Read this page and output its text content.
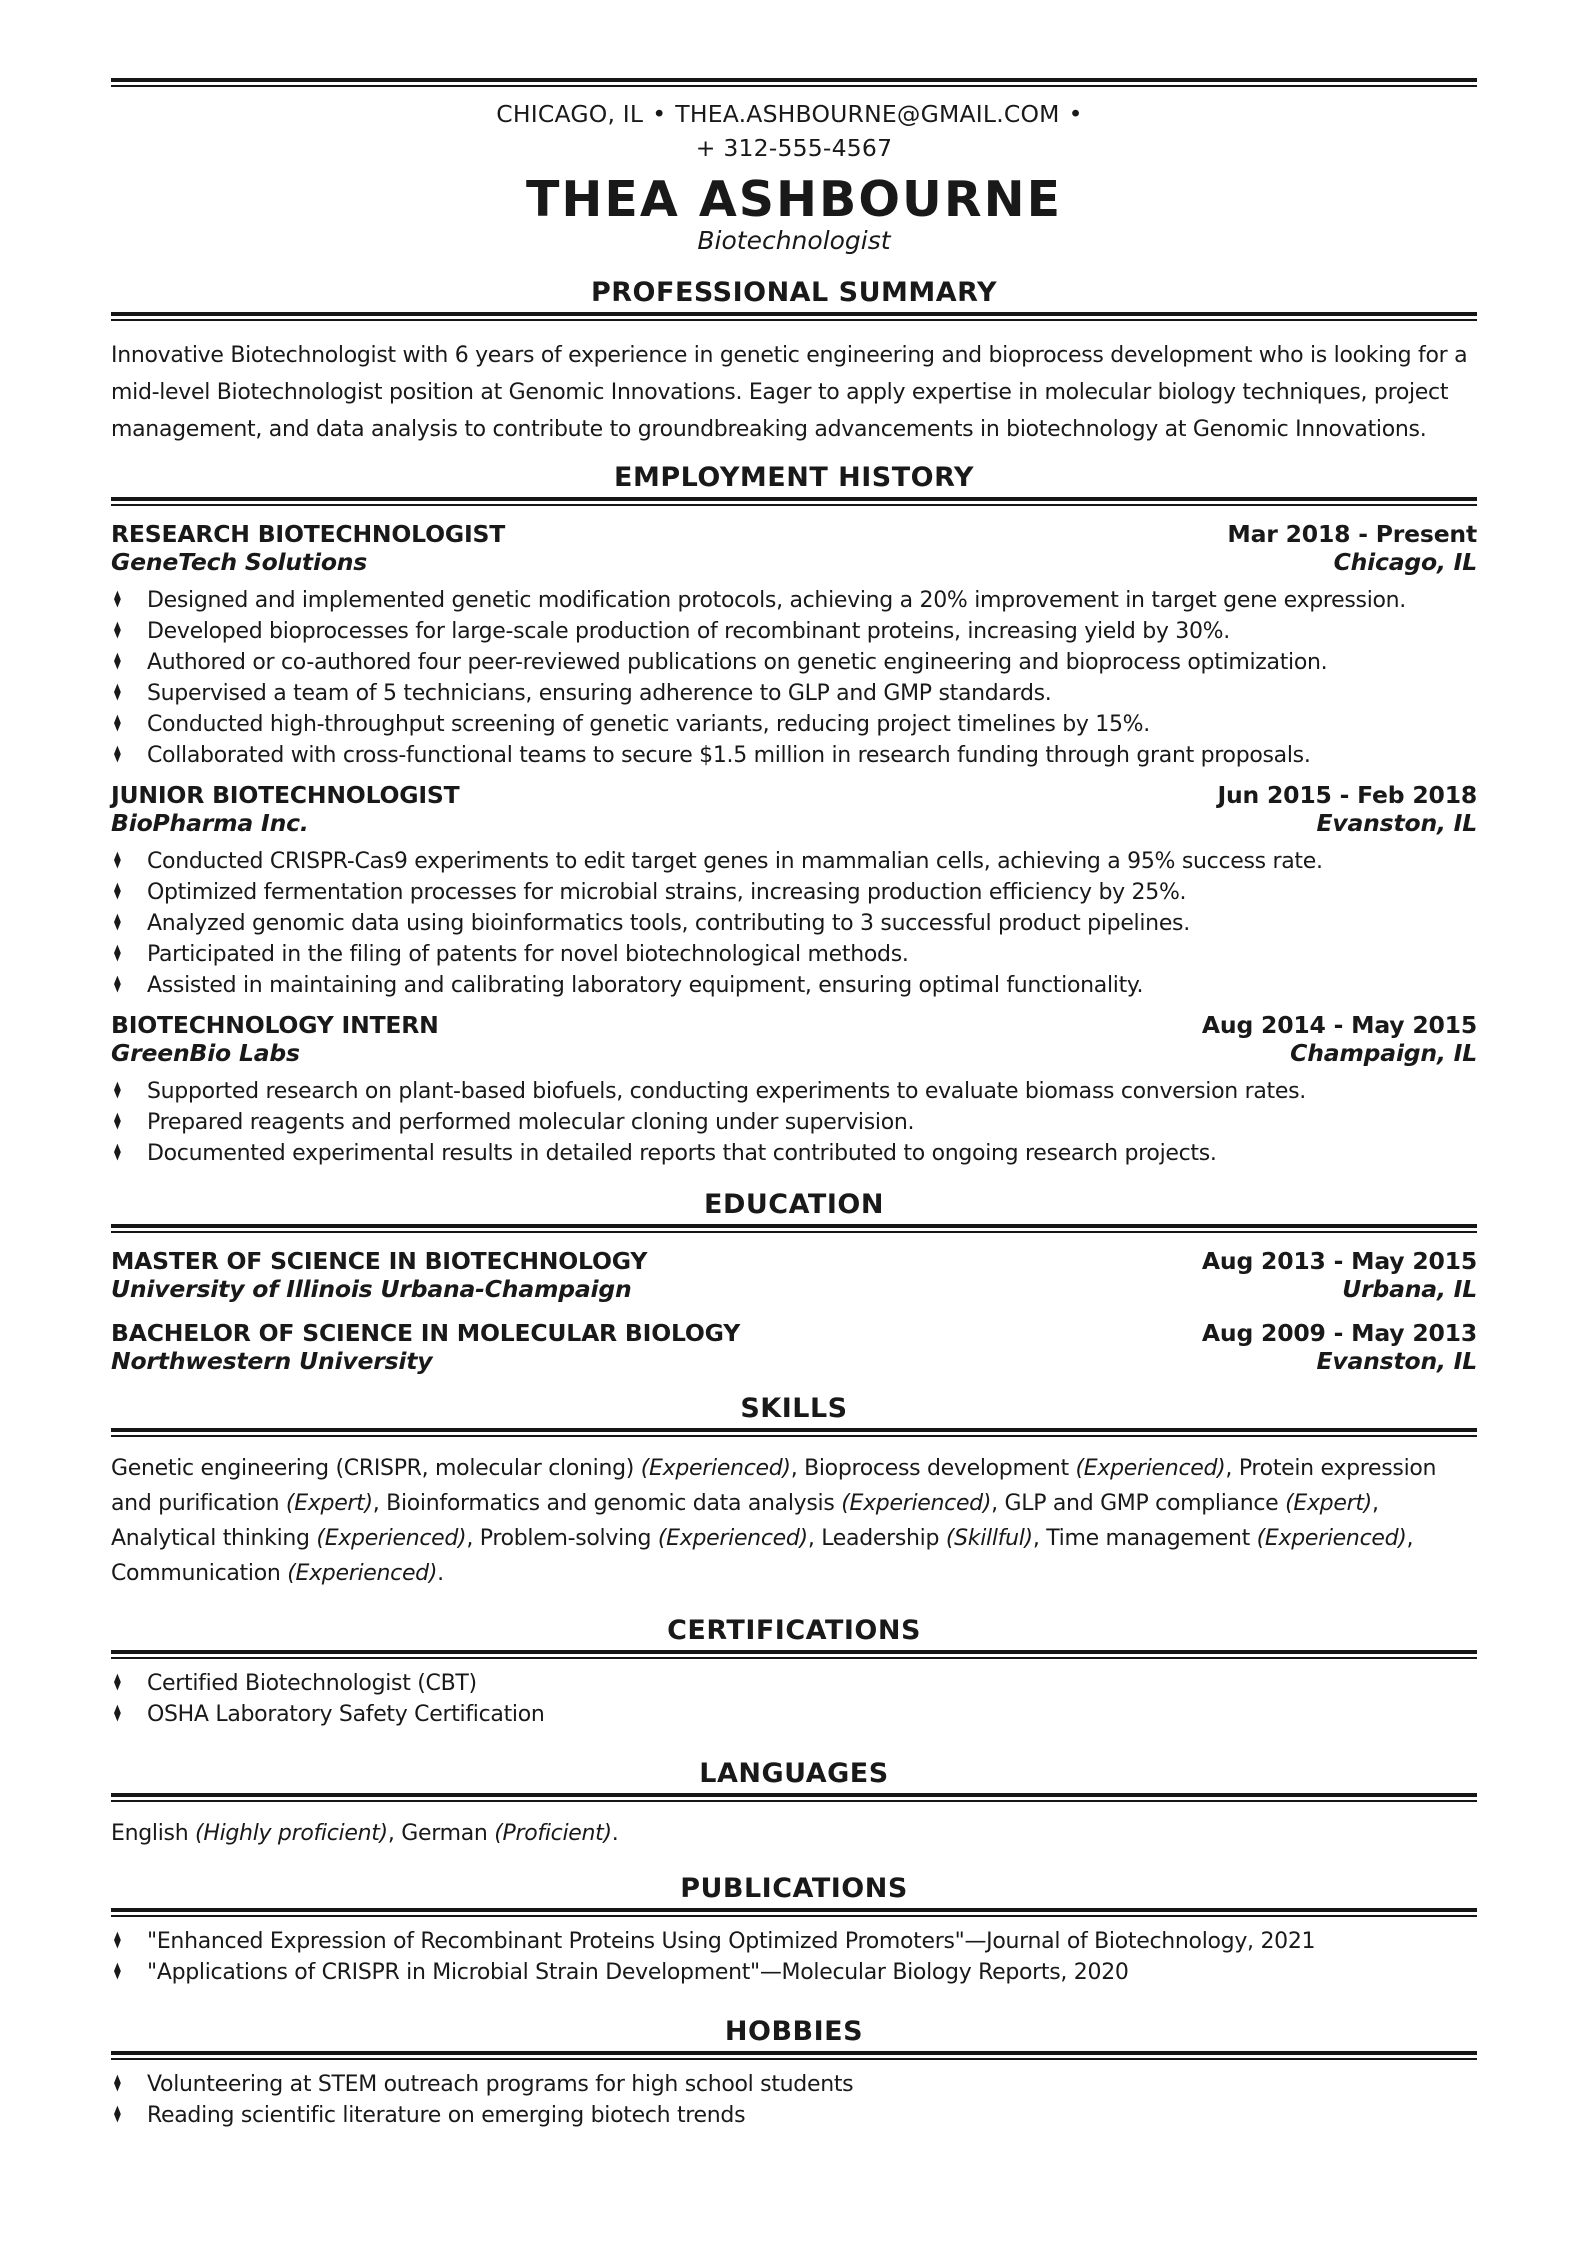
CHICAGO, IL • THEA.ASHBOURNE@GMAIL.COM •
+ 312-555-4567
THEA ASHBOURNE

Biotechnologist

PROFESSIONAL SUMMARY

Innovative Biotechnologist with 6 years of experience in genetic engineering and bioprocess development who is looking for a mid-level Biotechnologist position at Genomic Innovations. Eager to apply expertise in molecular biology techniques, project management, and data analysis to contribute to groundbreaking advancements in biotechnology at Genomic Innovations.

EMPLOYMENT HISTORY
RESEARCH BIOTECHNOLOGIST	Mar 2018 - Present
GeneTech Solutions	Chicago, IL
♦	Designed and implemented genetic modification protocols, achieving a 20% improvement in target gene expression.
♦	Developed bioprocesses for large-scale production of recombinant proteins, increasing yield by 30%.
♦	Authored or co-authored four peer-reviewed publications on genetic engineering and bioprocess optimization.
♦	Supervised a team of 5 technicians, ensuring adherence to GLP and GMP standards.
♦	Conducted high-throughput screening of genetic variants, reducing project timelines by 15%.
♦	Collaborated with cross-functional teams to secure $1.5 million in research funding through grant proposals.
JUNIOR BIOTECHNOLOGIST	Jun 2015 - Feb 2018
BioPharma Inc.	Evanston, IL
♦	Conducted CRISPR-Cas9 experiments to edit target genes in mammalian cells, achieving a 95% success rate.
♦	Optimized fermentation processes for microbial strains, increasing production efficiency by 25%.
♦	Analyzed genomic data using bioinformatics tools, contributing to 3 successful product pipelines.
♦	Participated in the filing of patents for novel biotechnological methods.
♦	Assisted in maintaining and calibrating laboratory equipment, ensuring optimal functionality.
BIOTECHNOLOGY INTERN	Aug 2014 - May 2015
GreenBio Labs	Champaign, IL
♦	Supported research on plant-based biofuels, conducting experiments to evaluate biomass conversion rates.
♦	Prepared reagents and performed molecular cloning under supervision.
♦	Documented experimental results in detailed reports that contributed to ongoing research projects.
EDUCATION
MASTER OF SCIENCE IN BIOTECHNOLOGY	Aug 2013 - May 2015
University of Illinois Urbana-Champaign	Urbana, IL
BACHELOR OF SCIENCE IN MOLECULAR BIOLOGY	Aug 2009 - May 2013
Northwestern University	Evanston, IL
SKILLS

Genetic engineering (CRISPR, molecular cloning) (Experienced), Bioprocess development (Experienced), Protein expression and purification (Expert), Bioinformatics and genomic data analysis (Experienced), GLP and GMP compliance (Expert), Analytical thinking (Experienced), Problem-solving (Experienced), Leadership (Skillful), Time management (Experienced), Communication (Experienced).

CERTIFICATIONS
♦	Certified Biotechnologist (CBT)
♦	OSHA Laboratory Safety Certification
LANGUAGES

English (Highly proficient), German (Proficient).

PUBLICATIONS
♦	"Enhanced Expression of Recombinant Proteins Using Optimized Promoters"—Journal of Biotechnology, 2021
♦	"Applications of CRISPR in Microbial Strain Development"—Molecular Biology Reports, 2020
HOBBIES
♦	Volunteering at STEM outreach programs for high school students
♦	Reading scientific literature on emerging biotech trends
